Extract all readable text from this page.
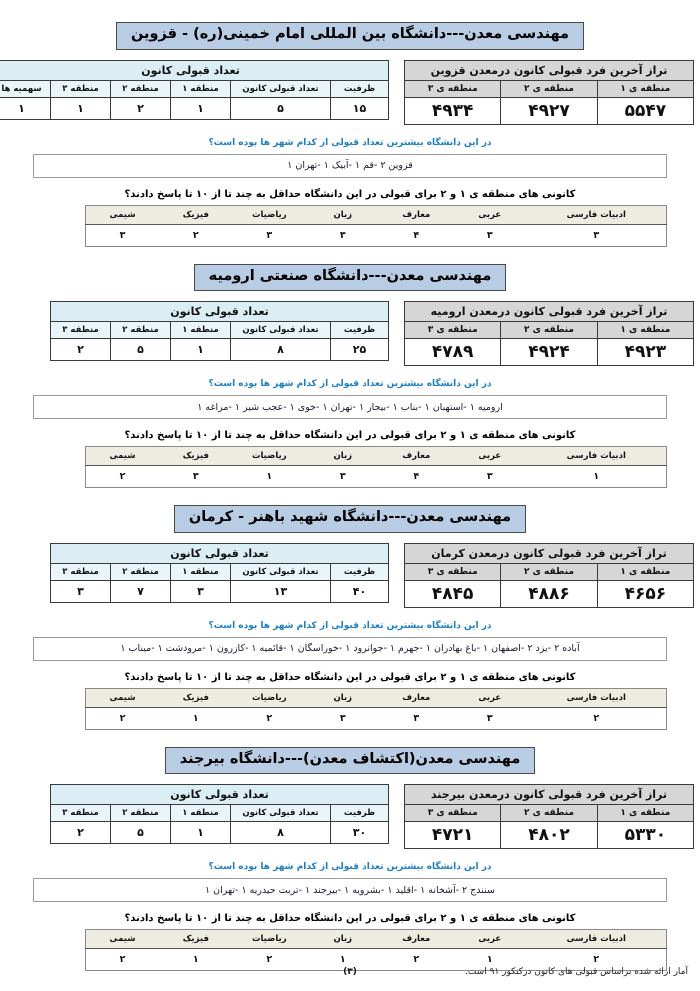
مهندسی معدن---دانشگاه بین المللی امام خمینی(ره) - قزوین
تراز آخرین فرد قبولی کانون درمعدن قزوین		
منطقه ی ۱	منطقه ی ۲	منطقه ی ۳
۵۵۴۷	۴۹۲۷	۴۹۳۴
تعداد قبولی کانون					
ظرفیت	تعداد قبولی کانون	منطقه ۱	منطقه ۲	منطقه ۳	سهمیه ها
۱۵	۵	۱	۲	۱	۱
در این دانشگاه بیشترین تعداد قبولی از کدام شهر ها بوده است؟
قزوین ۲ -قم ۱ -آبیک ۱ -تهران ۱
کانونی های منطقه ی ۱ و ۲ برای قبولی در این دانشگاه حداقل به چند تا از ۱۰ تا پاسخ دادند؟
ادبیات فارسی	عربی	معارف	زبان	ریاضیات	فیزیک	شیمی
۳	۳	۴	۳	۳	۲	۳
مهندسی معدن---دانشگاه صنعتی ارومیه
تراز آخرین فرد قبولی کانون درمعدن ارومیه		
منطقه ی ۱	منطقه ی ۲	منطقه ی ۳
۴۹۲۳	۴۹۲۴	۴۷۸۹
تعداد قبولی کانون				
ظرفیت	تعداد قبولی کانون	منطقه ۱	منطقه ۲	منطقه ۳
۲۵	۸	۱	۵	۲
در این دانشگاه بیشترین تعداد قبولی از کدام شهر ها بوده است؟
ارومیه ۱ -استهبان ۱ -بناب ۱ -بیجار ۱ -تهران ۱ -خوی ۱ -عجب شیر ۱ -مراغه ۱
کانونی های منطقه ی ۱ و ۲ برای قبولی در این دانشگاه حداقل به چند تا از ۱۰ تا پاسخ دادند؟
ادبیات فارسی	عربی	معارف	زبان	ریاضیات	فیزیک	شیمی
۱	۳	۴	۳	۱	۳	۲
مهندسی معدن---دانشگاه شهید باهنر - کرمان
تراز آخرین فرد قبولی کانون درمعدن کرمان		
منطقه ی ۱	منطقه ی ۲	منطقه ی ۳
۴۶۵۶	۴۸۸۶	۴۸۴۵
تعداد قبولی کانون				
ظرفیت	تعداد قبولی کانون	منطقه ۱	منطقه ۲	منطقه ۳
۴۰	۱۳	۳	۷	۳
در این دانشگاه بیشترین تعداد قبولی از کدام شهر ها بوده است؟
آباده ۲ -یزد ۲ -اصفهان ۱ -باغ بهادران ۱ -جهرم ۱ -جوانرود ۱ -خوراسگان ۱ -قائمیه ۱ -کازرون ۱ -مرودشت ۱ -میناب ۱
کانونی های منطقه ی ۱ و ۲ برای قبولی در این دانشگاه حداقل به چند تا از ۱۰ تا پاسخ دادند؟
ادبیات فارسی	عربی	معارف	زبان	ریاضیات	فیزیک	شیمی
۲	۳	۳	۳	۲	۱	۲
مهندسی معدن(اکتشاف معدن)---دانشگاه بیرجند
تراز آخرین فرد قبولی کانون درمعدن بیرجند		
منطقه ی ۱	منطقه ی ۲	منطقه ی ۳
۵۳۳۰	۴۸۰۲	۴۷۲۱
تعداد قبولی کانون				
ظرفیت	تعداد قبولی کانون	منطقه ۱	منطقه ۲	منطقه ۳
۳۰	۸	۱	۵	۲
در این دانشگاه بیشترین تعداد قبولی از کدام شهر ها بوده است؟
سنندج ۲ -آشخانه ۱ -اقلید ۱ -بشرویه ۱ -بیرجند ۱ -تربت حیدریه ۱ -تهران ۱
کانونی های منطقه ی ۱ و ۲ برای قبولی در این دانشگاه حداقل به چند تا از ۱۰ تا پاسخ دادند؟
ادبیات فارسی	عربی	معارف	زبان	ریاضیات	فیزیک	شیمی
۲	۱	۲	۱	۲	۱	۲
آمار ارائه شده براساس قبولی های کانون درکنکور ۹۱ است.
(۳)
